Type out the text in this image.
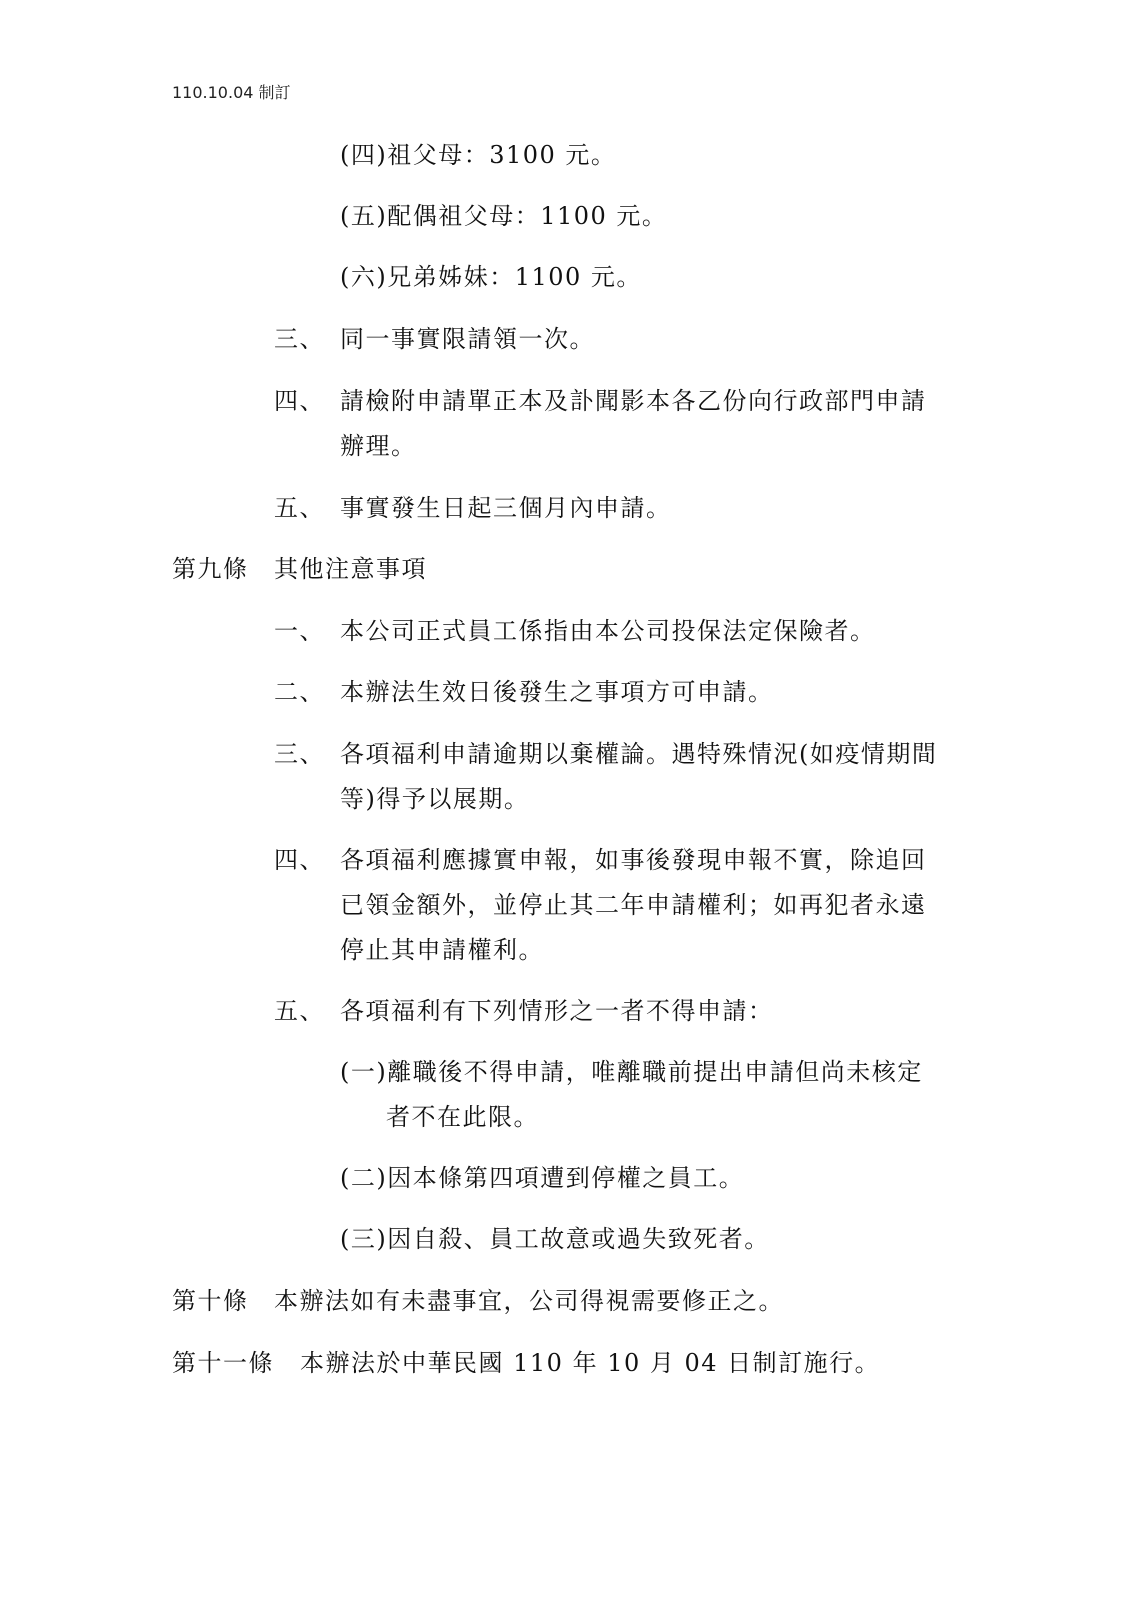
110.10.04 制訂
(四)祖父母：3100 元。
(五)配偶祖父母：1100 元。
(六)兄弟姊妹：1100 元。
三、 同一事實限請領一次。
四、 請檢附申請單正本及訃聞影本各乙份向行政部門申請
辦理。
五、 事實發生日起三個月內申請。
第九條 其他注意事項
一、 本公司正式員工係指由本公司投保法定保險者。
二、 本辦法生效日後發生之事項方可申請。
三、 各項福利申請逾期以棄權論。遇特殊情況(如疫情期間
等)得予以展期。
四、 各項福利應據實申報，如事後發現申報不實，除追回
已領金額外，並停止其二年申請權利；如再犯者永遠
停止其申請權利。
五、 各項福利有下列情形之一者不得申請：
(一)離職後不得申請，唯離職前提出申請但尚未核定
者不在此限。
(二)因本條第四項遭到停權之員工。
(三)因自殺、員工故意或過失致死者。
第十條 本辦法如有未盡事宜，公司得視需要修正之。
第十一條 本辦法於中華民國 110 年 10 月 04 日制訂施行。
